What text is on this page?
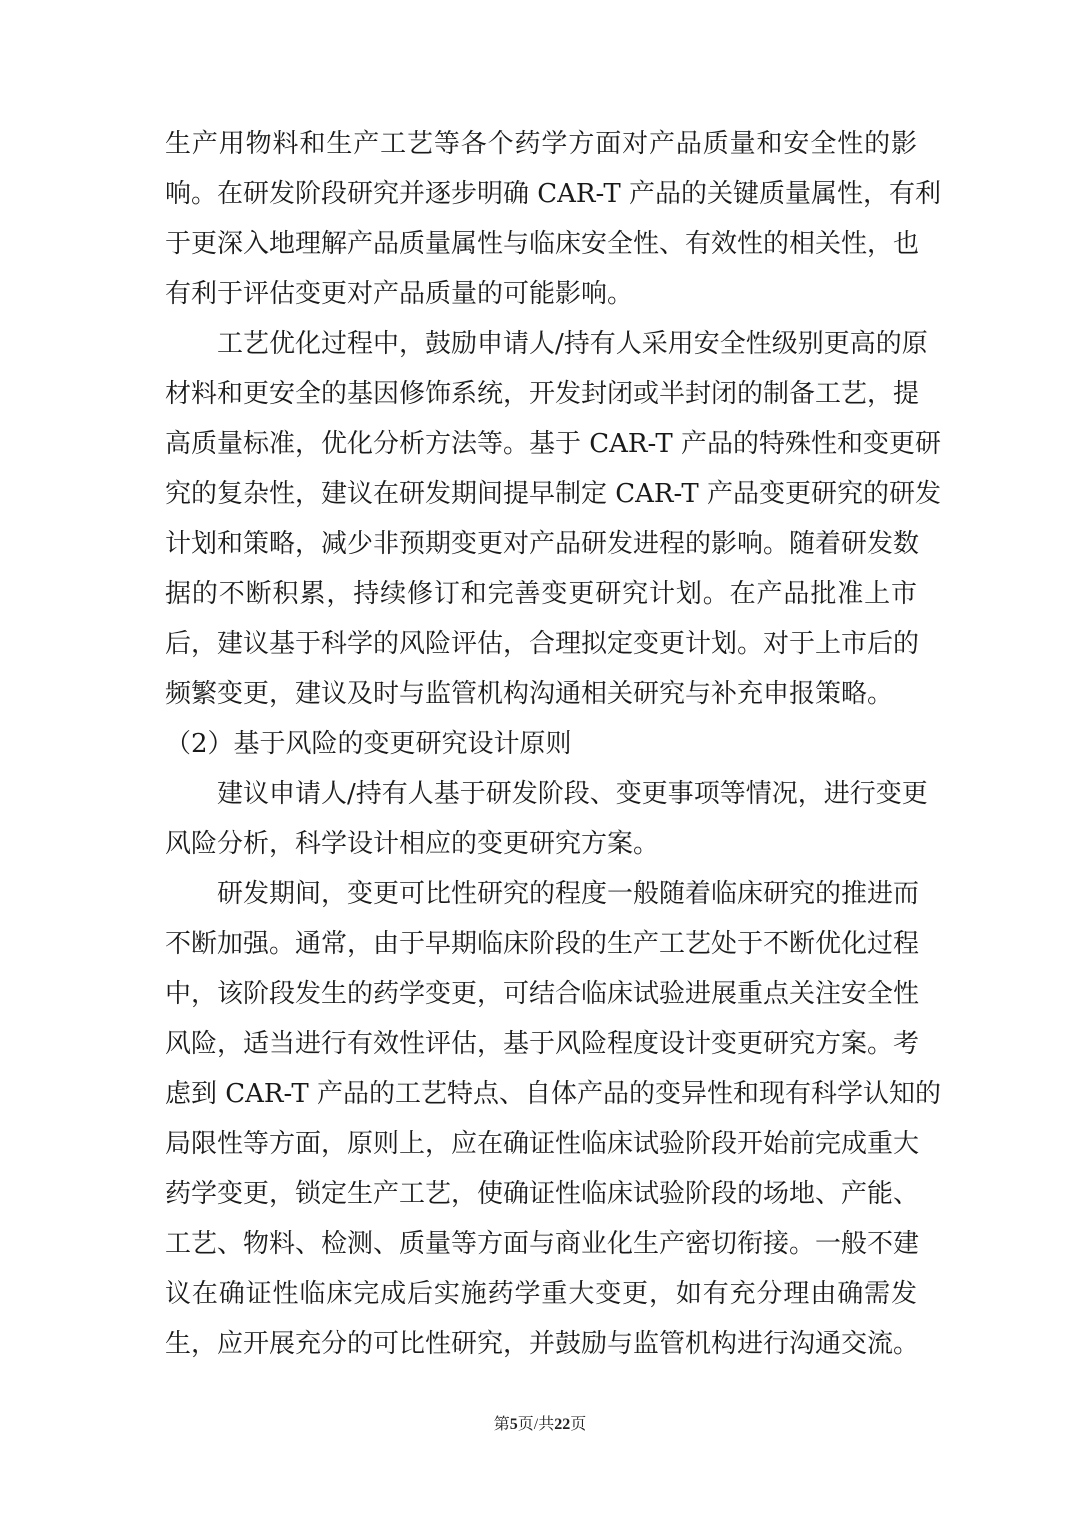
生产用物料和生产工艺等各个药学方面对产品质量和安全性的影
响。在研发阶段研究并逐步明确 CAR-T 产品的关键质量属性，有利
于更深入地理解产品质量属性与临床安全性、有效性的相关性，也
有利于评估变更对产品质量的可能影响。
工艺优化过程中，鼓励申请人/持有人采用安全性级别更高的原
材料和更安全的基因修饰系统，开发封闭或半封闭的制备工艺，提
高质量标准，优化分析方法等。基于 CAR-T 产品的特殊性和变更研
究的复杂性，建议在研发期间提早制定 CAR-T 产品变更研究的研发
计划和策略，减少非预期变更对产品研发进程的影响。随着研发数
据的不断积累，持续修订和完善变更研究计划。在产品批准上市
后，建议基于科学的风险评估，合理拟定变更计划。对于上市后的
频繁变更，建议及时与监管机构沟通相关研究与补充申报策略。
（2）基于风险的变更研究设计原则
建议申请人/持有人基于研发阶段、变更事项等情况，进行变更
风险分析，科学设计相应的变更研究方案。
研发期间，变更可比性研究的程度一般随着临床研究的推进而
不断加强。通常，由于早期临床阶段的生产工艺处于不断优化过程
中，该阶段发生的药学变更，可结合临床试验进展重点关注安全性
风险，适当进行有效性评估，基于风险程度设计变更研究方案。考
虑到 CAR-T 产品的工艺特点、自体产品的变异性和现有科学认知的
局限性等方面，原则上，应在确证性临床试验阶段开始前完成重大
药学变更，锁定生产工艺，使确证性临床试验阶段的场地、产能、
工艺、物料、检测、质量等方面与商业化生产密切衔接。一般不建
议在确证性临床完成后实施药学重大变更，如有充分理由确需发
生，应开展充分的可比性研究，并鼓励与监管机构进行沟通交流。
第5页/共22页
